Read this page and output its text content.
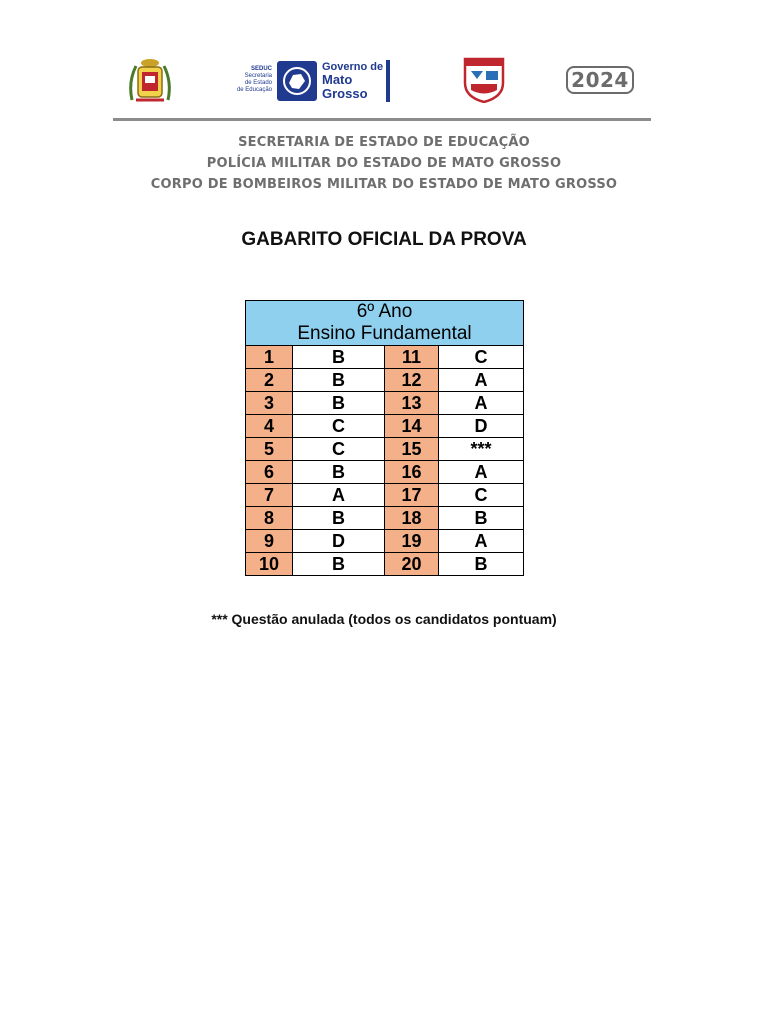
SEDUC
Secretaria
de Estado
de Educação
Governo de
Mato
Grosso
2024
SECRETARIA DE ESTADO DE EDUCAÇÃO
POLÍCIA MILITAR DO ESTADO DE MATO GROSSO
CORPO DE BOMBEIROS MILITAR DO ESTADO DE MATO GROSSO
GABARITO OFICIAL DA PROVA
6º Ano
Ensino Fundamental			

1	B	11	C
2	B	12	A
3	B	13	A
4	C	14	D
5	C	15	***
6	B	16	A
7	A	17	C
8	B	18	B
9	D	19	A
10	B	20	B
*** Questão anulada (todos os candidatos pontuam)
